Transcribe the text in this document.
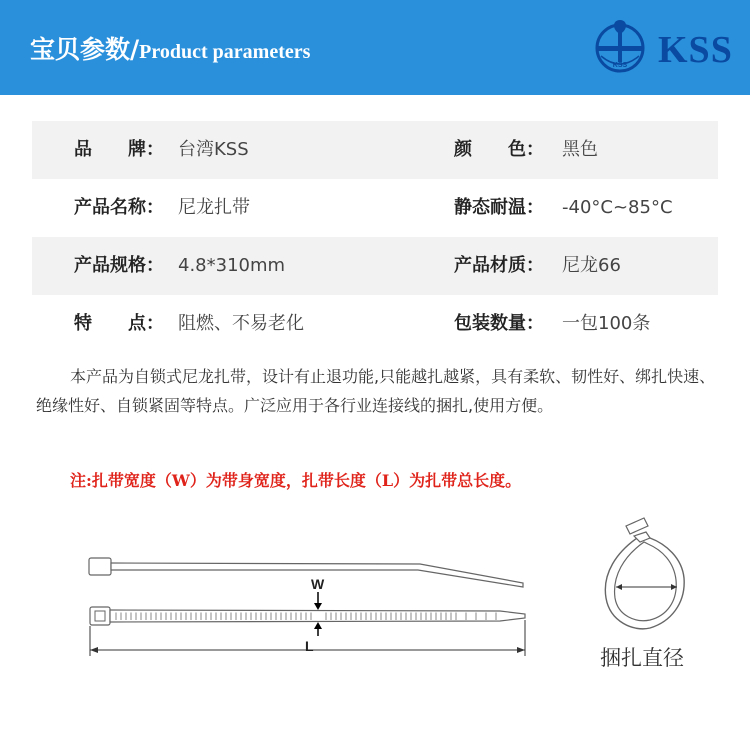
宝贝参数/Product parameters
KSS KSS
品　　牌： 台湾KSS	颜　　色： 黑色
产品名称： 尼龙扎带	静态耐温： -40°C~85°C
产品规格： 4.8*310mm	产品材质： 尼龙66
特　　点： 阻燃、不易老化	包装数量： 一包100条

本产品为自锁式尼龙扎带，设计有止退功能,只能越扎越紧，具有柔软、韧性好、绑扎快速、绝缘性好、自锁紧固等特点。广泛应用于各行业连接线的捆扎,使用方便。

注:扎带宽度（W）为带身宽度，扎带长度（L）为扎带总长度。
W
L	捆扎直径
